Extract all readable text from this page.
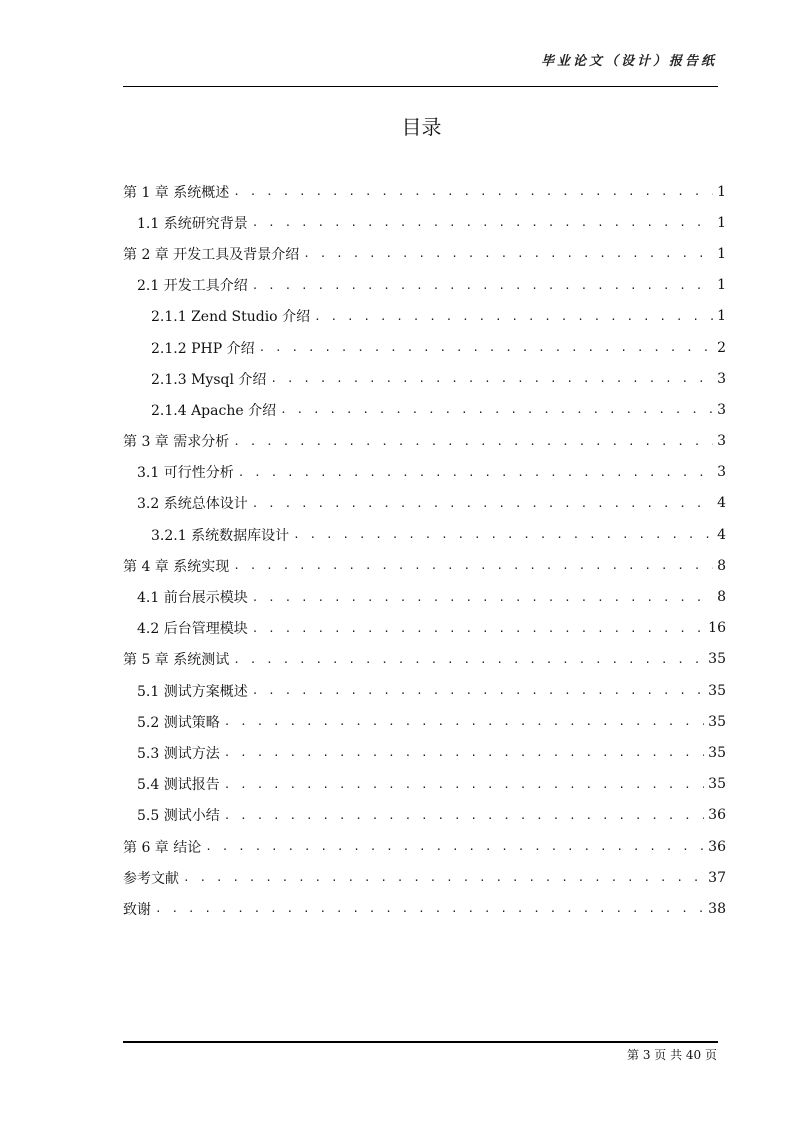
毕业论文（设计）报告纸
目录
第 1 章 系统概述 . . .	1
1.1 系统研究背景 . . .	1
第 2 章 开发工具及背景介绍 . . .	1
2.1 开发工具介绍 . . .	1
2.1.1 Zend Studio 介绍 . . .	1
2.1.2 PHP 介绍 . . .	2
2.1.3 Mysql 介绍 . . .	3
2.1.4 Apache 介绍 . . .	3
第 3 章 需求分析 . . .	3
3.1 可行性分析 . . .	3
3.2 系统总体设计 . . .	4
3.2.1 系统数据库设计 . . .	4
第 4 章 系统实现 . . .	8
4.1 前台展示模块 . . .	8
4.2 后台管理模块 . . .	16
第 5 章 系统测试 . . .	35
5.1 测试方案概述 . . .	35
5.2 测试策略 . . .	35
5.3 测试方法 . . .	35
5.4 测试报告 . . .	35
5.5 测试小结 . . .	36
第 6 章 结论 . . .	36
参考文献 . . .	37
致谢 . . .	38
第 3 页 共 40 页
